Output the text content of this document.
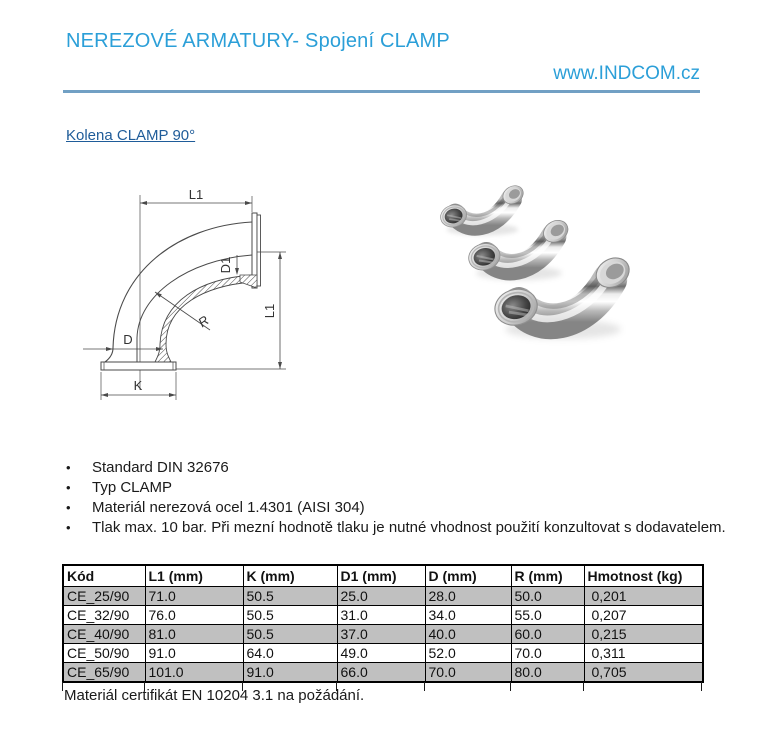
NEREZOVÉ ARMATURY- Spojení CLAMP
www.INDCOM.cz
Kolena CLAMP 90°
L1
L1
D1
R
D
K
•	Standard DIN 32676
•	Typ CLAMP
•	Materiál nerezová ocel 1.4301 (AISI 304)
•	Tlak max. 10 bar. Při mezní hodnotě tlaku je nutné vhodnost použití konzultovat s dodavatelem.
Kód	L1 (mm)	K (mm)	D1 (mm)	D (mm)	R (mm)	Hmotnost (kg)
CE_25/90	71.0	50.5	25.0	28.0	50.0	0,201
CE_32/90	76.0	50.5	31.0	34.0	55.0	0,207
CE_40/90	81.0	50.5	37.0	40.0	60.0	0,215
CE_50/90	91.0	64.0	49.0	52.0	70.0	0,311
CE_65/90	101.0	91.0	66.0	70.0	80.0	0,705
Materiál certifikát EN 10204 3.1 na požádání.
